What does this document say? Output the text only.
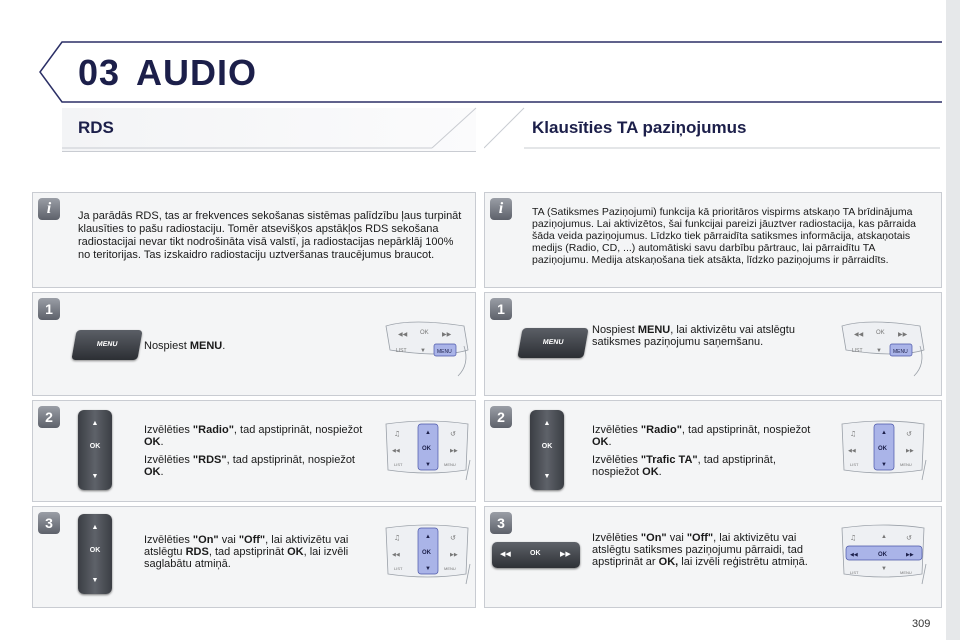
03 AUDIO
RDS	Klausīties TA paziņojumus
i	Ja parādās RDS, tas ar frekvences sekošanas sistēmas palīdzību ļaus turpināt klausīties to pašu radiostaciju. Tomēr atsevišķos apstākļos RDS sekošana radiostacijai nevar tikt nodrošināta visā valstī, ja radiostacijas nepārklāj 100% no teritorijas. Tas izskaidro radiostaciju uztveršanas traucējumus braucot.
1
MENU	Nospiest MENU.
◀◀ OK ▶▶
LIST ▼ MENU
2	▲
OK
▼

Izvēlēties "Radio", tad apstiprināt, nospiežot OK.

Izvēlēties "RDS", tad apstiprināt, nospiežot OK.

▲
OK
▼
♫	↺
◀◀	▶▶
LIST	MENU
3	▲
OK
▼
Izvēlēties "On" vai "Off", lai aktivizētu vai atslēgtu RDS, tad apstiprināt OK, lai izvēli saglabātu atmiņā.
▲
OK
▼
♫	↺
◀◀	▶▶
LIST	MENU
i	TA (Satiksmes Paziņojumi) funkcija kā prioritāros vispirms atskaņo TA brīdinājuma paziņojumus. Lai aktivizētos, šai funkcijai pareizi jāuztver radiostacija, kas pārraida šāda veida paziņojumus. Līdzko tiek pārraidīta satiksmes informācija, atskaņotais medijs (Radio, CD, ...) automātiski savu darbību pārtrauc, lai pārraidītu TA paziņojumu. Medija atskaņošana tiek atsākta, līdzko paziņojums ir pārraidīts.
1
MENU
Nospiest MENU, lai aktivizētu vai atslēgtu satiksmes paziņojumu saņemšanu.
◀◀ OK ▶▶
LIST ▼ MENU
2	▲
OK
▼

Izvēlēties "Radio", tad apstiprināt, nospiežot OK.

Izvēlēties "Trafic TA", tad apstiprināt, nospiežot OK.

▲
OK
▼
♫	↺
◀◀	▶▶
LIST	MENU
3
◀◀	OK	▶▶
Izvēlēties "On" vai "Off", lai aktivizētu vai atslēgtu satiksmes paziņojumu pārraidi, tad apstiprināt ar OK, lai izvēli reģistrētu atmiņā.
◀◀	OK	▶▶
▲
▼
♫	↺
LIST	MENU
309
